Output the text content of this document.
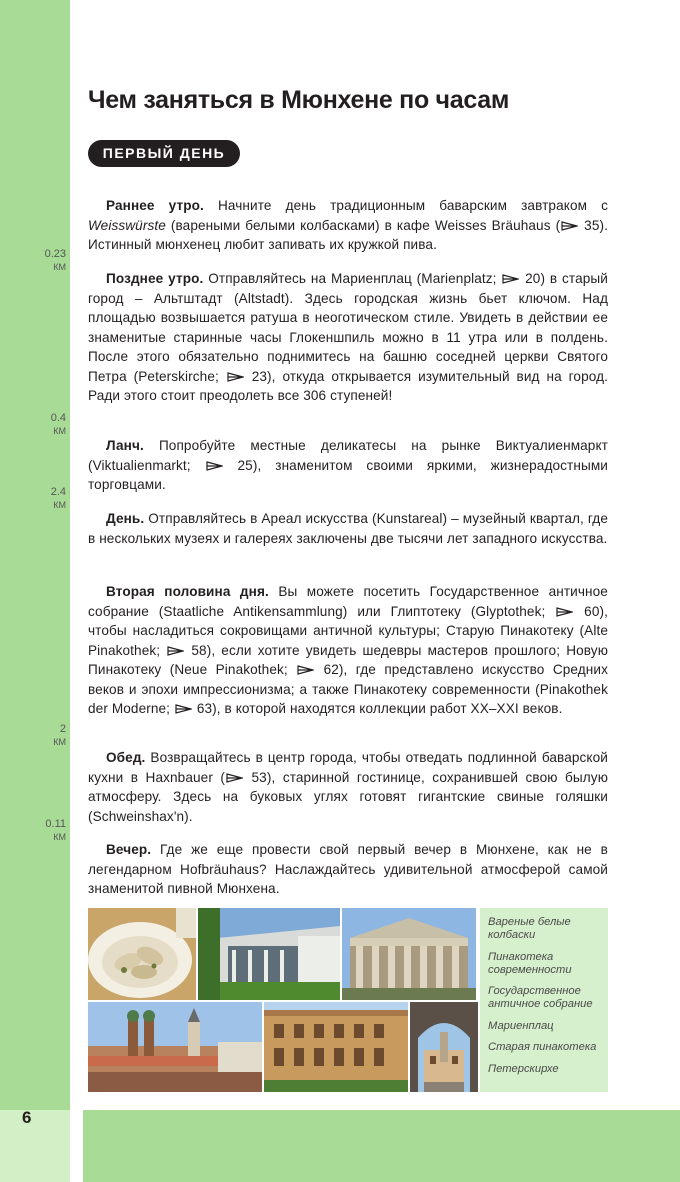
6
Чем заняться в Мюнхене по часам
ПЕРВЫЙ ДЕНЬ
0.23
КМ
0.4
КМ
2.4
КМ
2
КМ
0.11
КМ

Раннее утро. Начните день традиционным баварским завтраком с Weisswürste (вареными белыми колбасками) в кафе Weisses Bräuhaus ( 35). Истинный мюнхенец любит запивать их кружкой пива.

Позднее утро. Отправляйтесь на Мариенплац (Marienplatz;  20) в старый город – Альтштадт (Altstadt). Здесь городская жизнь бьет ключом. Над площадью возвышается ратуша в неоготическом стиле. Увидеть в действии ее знаменитые старинные часы Глокеншпиль можно в 11 утра или в полдень. После этого обязательно поднимитесь на башню соседней церкви Святого Петра (Peterskirche;  23), откуда открывается изумительный вид на город. Ради этого стоит преодолеть все 306 ступеней!

Ланч. Попробуйте местные деликатесы на рынке Виктуалиенмаркт (Viktualienmarkt;  25), знаменитом своими яркими, жизнерадостными торговцами.

День. Отправляйтесь в Ареал искусства (Kunstareal) – музейный квартал, где в нескольких музеях и галереях заключены две тысячи лет западного искусства.

Вторая половина дня. Вы можете посетить Государственное античное собрание (Staatliche Antikensammlung) или Глиптотеку (Glyptothek;  60), чтобы насладиться сокровищами античной культуры; Старую Пинакотеку (Alte Pinakothek;  58), если хотите увидеть шедевры мастеров прошлого; Новую Пинакотеку (Neue Pinakothek;  62), где представлено искусство Средних веков и эпохи импрессионизма; а также Пинакотеку современности (Pinakothek der Moderne;  63), в которой находятся коллекции работ XX–XXI веков.

Обед. Возвращайтесь в центр города, чтобы отведать подлинной баварской кухни в Haxnbauer ( 53), старинной гостинице, сохранившей свою былую атмосферу. Здесь на буковых углях готовят гигантские свиные голяшки (Schweinshax'n).

Вечер. Где же еще провести свой первый вечер в Мюнхене, как не в легендарном Hofbräuhaus? Наслаждайтесь удивительной атмосферой самой знаменитой пивной Мюнхена.

Вареные белые колбаски

Пинакотека современности

Государственное античное собрание

Мариенплац

Старая пинакотека

Петерскирхе
